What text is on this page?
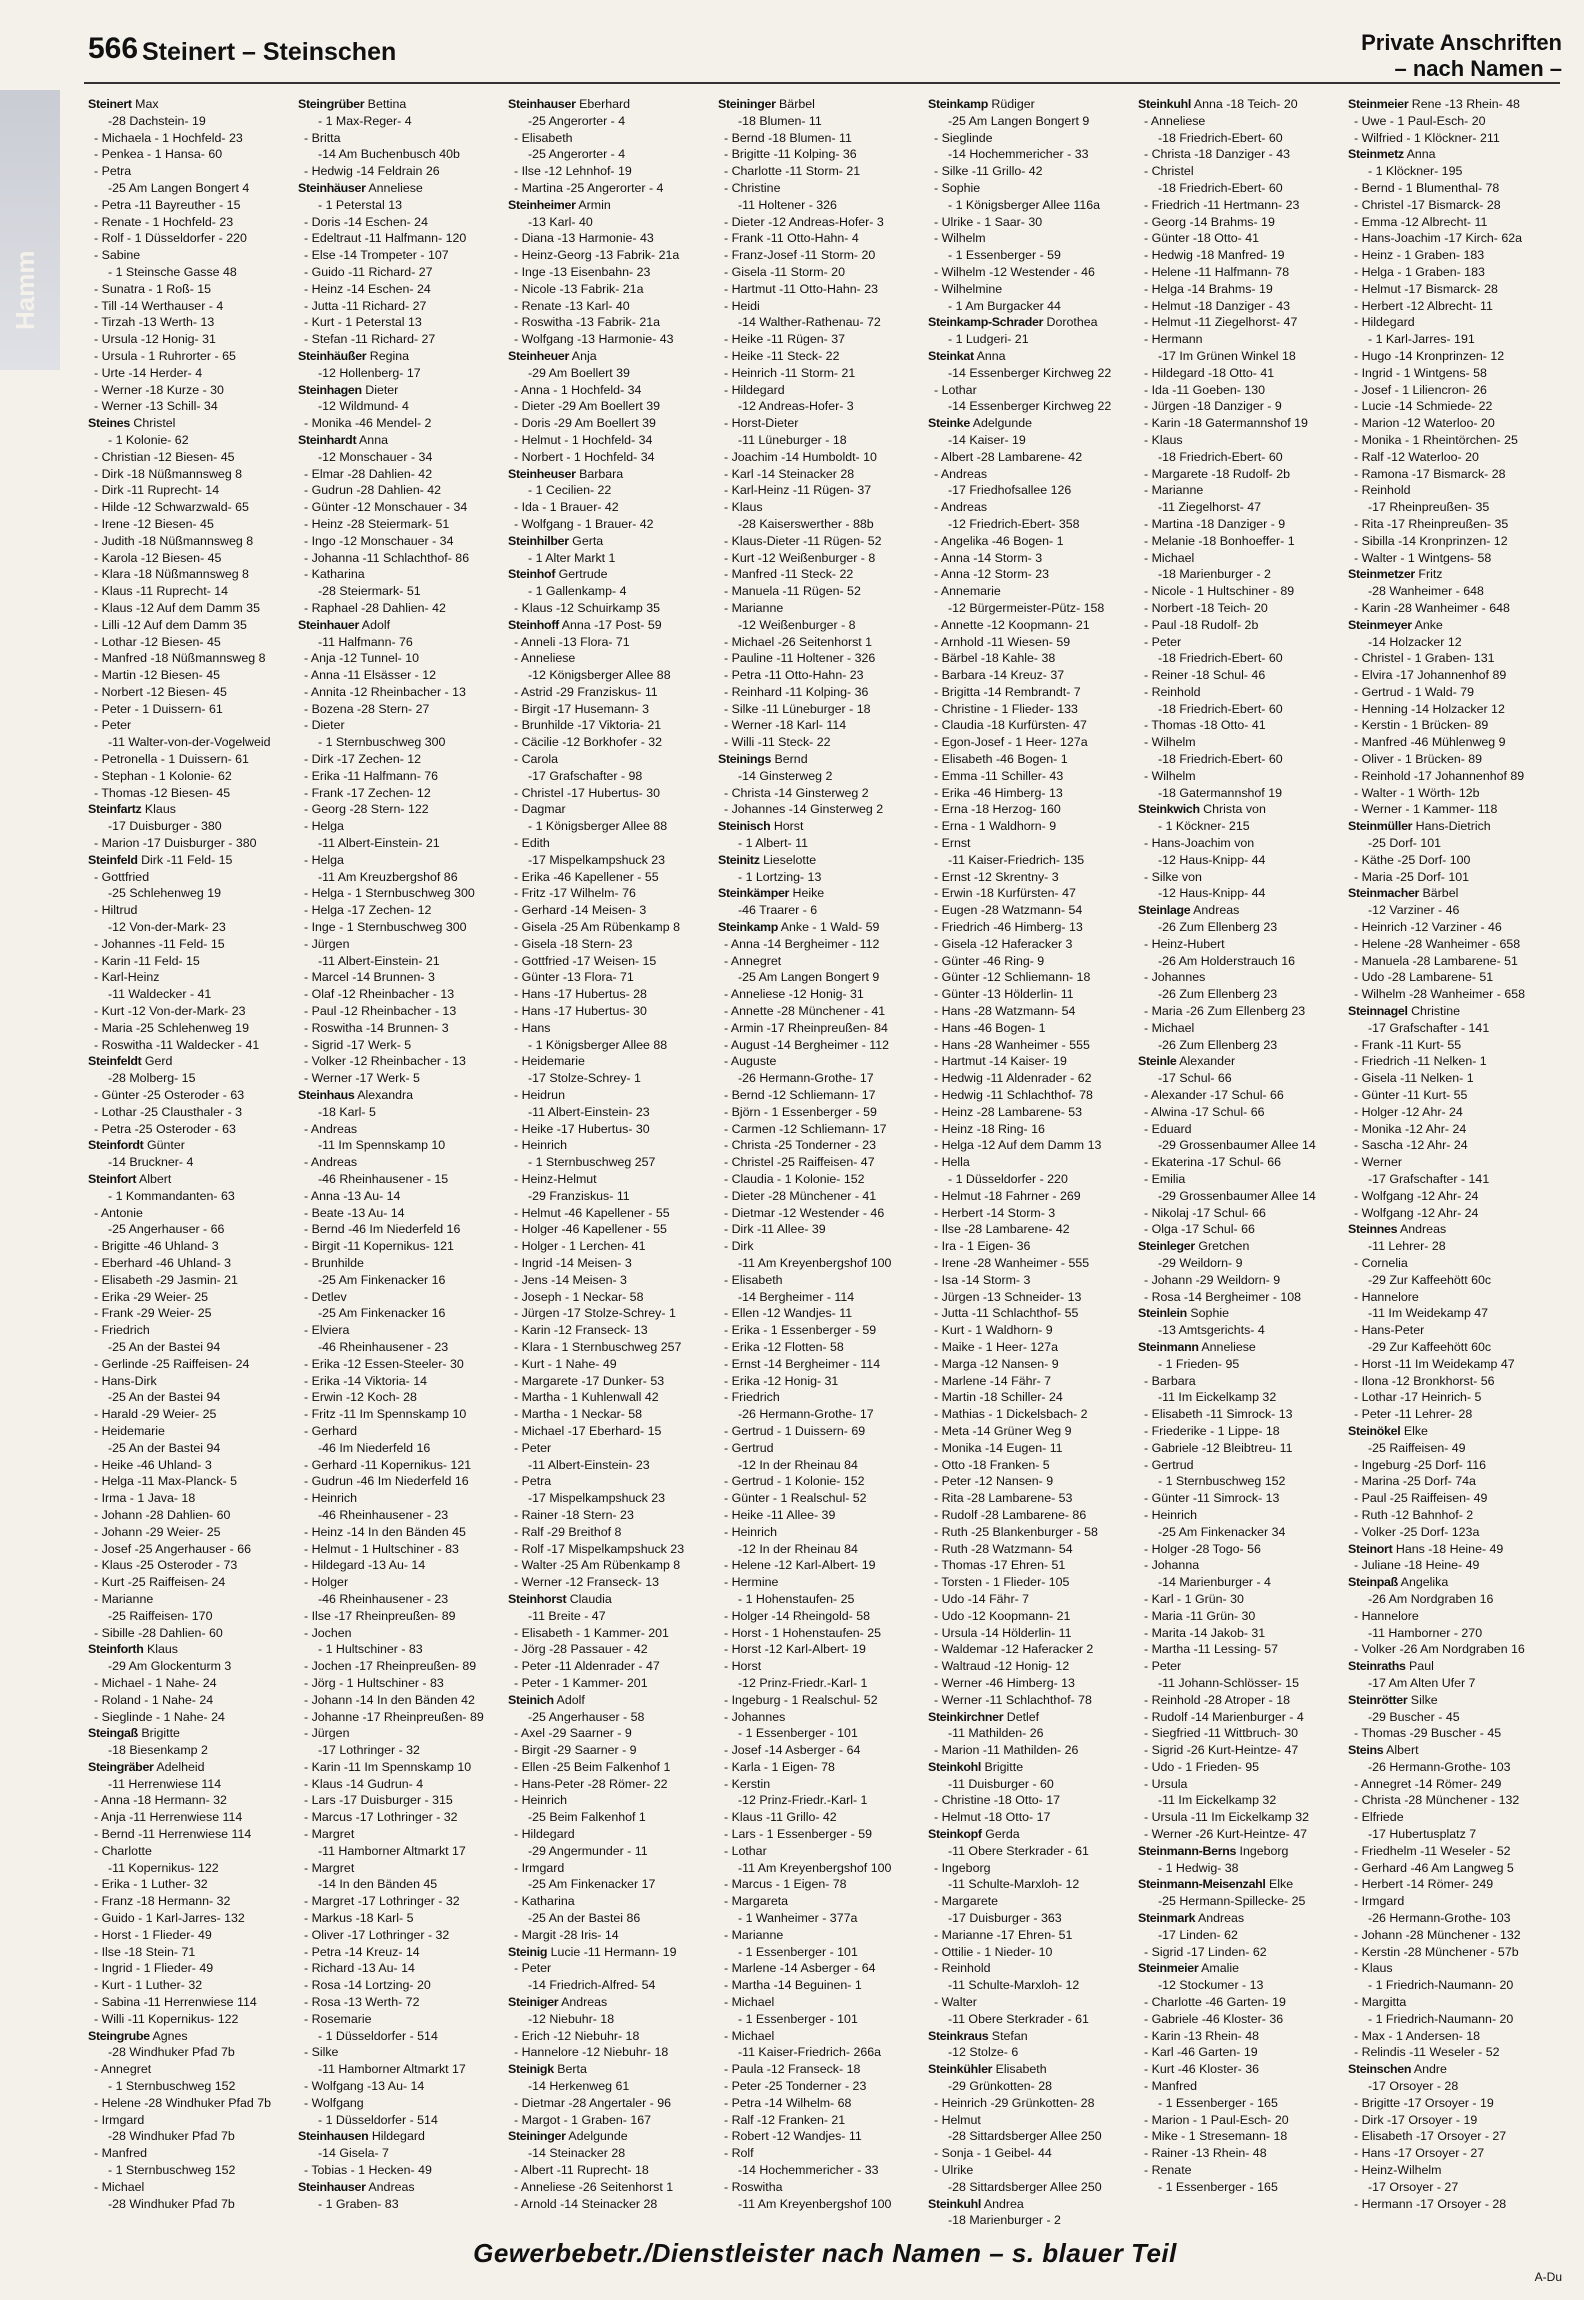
566 Steinert – Steinschen	Private Anschriften
– nach Namen –
Hamm
Steinert Max
-28 Dachstein- 19
- Michaela - 1 Hochfeld- 23
- Penkea - 1 Hansa- 60
- Petra
-25 Am Langen Bongert 4
- Petra -11 Bayreuther - 15
- Renate - 1 Hochfeld- 23
- Rolf - 1 Düsseldorfer - 220
- Sabine
- 1 Steinsche Gasse 48
- Sunatra - 1 Roß- 15
- Till -14 Werthauser - 4
- Tirzah -13 Werth- 13
- Ursula -12 Honig- 31
- Ursula - 1 Ruhrorter - 65
- Urte -14 Herder- 4
- Werner -18 Kurze - 30
- Werner -13 Schill- 34
Steines Christel
- 1 Kolonie- 62
- Christian -12 Biesen- 45
- Dirk -18 Nüßmannsweg 8
- Dirk -11 Ruprecht- 14
- Hilde -12 Schwarzwald- 65
- Irene -12 Biesen- 45
- Judith -18 Nüßmannsweg 8
- Karola -12 Biesen- 45
- Klara -18 Nüßmannsweg 8
- Klaus -11 Ruprecht- 14
- Klaus -12 Auf dem Damm 35
- Lilli -12 Auf dem Damm 35
- Lothar -12 Biesen- 45
- Manfred -18 Nüßmannsweg 8
- Martin -12 Biesen- 45
- Norbert -12 Biesen- 45
- Peter - 1 Duissern- 61
- Peter
-11 Walter-von-der-Vogelweid
- Petronella - 1 Duissern- 61
- Stephan - 1 Kolonie- 62
- Thomas -12 Biesen- 45
Steinfartz Klaus
-17 Duisburger - 380
- Marion -17 Duisburger - 380
Steinfeld Dirk -11 Feld- 15
- Gottfried
-25 Schlehenweg 19
- Hiltrud
-12 Von-der-Mark- 23
- Johannes -11 Feld- 15
- Karin -11 Feld- 15
- Karl-Heinz
-11 Waldecker - 41
- Kurt -12 Von-der-Mark- 23
- Maria -25 Schlehenweg 19
- Roswitha -11 Waldecker - 41
Steinfeldt Gerd
-28 Molberg- 15
- Günter -25 Osteroder - 63
- Lothar -25 Clausthaler - 3
- Petra -25 Osteroder - 63
Steinfordt Günter
-14 Bruckner- 4
Steinfort Albert
- 1 Kommandanten- 63
- Antonie
-25 Angerhauser - 66
- Brigitte -46 Uhland- 3
- Eberhard -46 Uhland- 3
- Elisabeth -29 Jasmin- 21
- Erika -29 Weier- 25
- Frank -29 Weier- 25
- Friedrich
-25 An der Bastei 94
- Gerlinde -25 Raiffeisen- 24
- Hans-Dirk
-25 An der Bastei 94
- Harald -29 Weier- 25
- Heidemarie
-25 An der Bastei 94
- Heike -46 Uhland- 3
- Helga -11 Max-Planck- 5
- Irma - 1 Java- 18
- Johann -28 Dahlien- 60
- Johann -29 Weier- 25
- Josef -25 Angerhauser - 66
- Klaus -25 Osteroder - 73
- Kurt -25 Raiffeisen- 24
- Marianne
-25 Raiffeisen- 170
- Sibille -28 Dahlien- 60
Steinforth Klaus
-29 Am Glockenturm 3
- Michael - 1 Nahe- 24
- Roland - 1 Nahe- 24
- Sieglinde - 1 Nahe- 24
Steingaß Brigitte
-18 Biesenkamp 2
Steingräber Adelheid
-11 Herrenwiese 114
- Anna -18 Hermann- 32
- Anja -11 Herrenwiese 114
- Bernd -11 Herrenwiese 114
- Charlotte
-11 Kopernikus- 122
- Erika - 1 Luther- 32
- Franz -18 Hermann- 32
- Guido - 1 Karl-Jarres- 132
- Horst - 1 Flieder- 49
- Ilse -18 Stein- 71
- Ingrid - 1 Flieder- 49
- Kurt - 1 Luther- 32
- Sabina -11 Herrenwiese 114
- Willi -11 Kopernikus- 122
Steingrube Agnes
-28 Windhuker Pfad 7b
- Annegret
- 1 Sternbuschweg 152
- Helene -28 Windhuker Pfad 7b
- Irmgard
-28 Windhuker Pfad 7b
- Manfred
- 1 Sternbuschweg 152
- Michael
-28 Windhuker Pfad 7b
Steingrüber Bettina
- 1 Max-Reger- 4
- Britta
-14 Am Buchenbusch 40b
- Hedwig -14 Feldrain 26
Steinhäuser Anneliese
- 1 Peterstal 13
- Doris -14 Eschen- 24
- Edeltraut -11 Halfmann- 120
- Else -14 Trompeter - 107
- Guido -11 Richard- 27
- Heinz -14 Eschen- 24
- Jutta -11 Richard- 27
- Kurt - 1 Peterstal 13
- Stefan -11 Richard- 27
Steinhäußer Regina
-12 Hollenberg- 17
Steinhagen Dieter
-12 Wildmund- 4
- Monika -46 Mendel- 2
Steinhardt Anna
-12 Monschauer - 34
- Elmar -28 Dahlien- 42
- Gudrun -28 Dahlien- 42
- Günter -12 Monschauer - 34
- Heinz -28 Steiermark- 51
- Ingo -12 Monschauer - 34
- Johanna -11 Schlachthof- 86
- Katharina
-28 Steiermark- 51
- Raphael -28 Dahlien- 42
Steinhauer Adolf
-11 Halfmann- 76
- Anja -12 Tunnel- 10
- Anna -11 Elsässer - 12
- Annita -12 Rheinbacher - 13
- Bozena -28 Stern- 27
- Dieter
- 1 Sternbuschweg 300
- Dirk -17 Zechen- 12
- Erika -11 Halfmann- 76
- Frank -17 Zechen- 12
- Georg -28 Stern- 122
- Helga
-11 Albert-Einstein- 21
- Helga
-11 Am Kreuzbergshof 86
- Helga - 1 Sternbuschweg 300
- Helga -17 Zechen- 12
- Inge - 1 Sternbuschweg 300
- Jürgen
-11 Albert-Einstein- 21
- Marcel -14 Brunnen- 3
- Olaf -12 Rheinbacher - 13
- Paul -12 Rheinbacher - 13
- Roswitha -14 Brunnen- 3
- Sigrid -17 Werk- 5
- Volker -12 Rheinbacher - 13
- Werner -17 Werk- 5
Steinhaus Alexandra
-18 Karl- 5
- Andreas
-11 Im Spennskamp 10
- Andreas
-46 Rheinhausener - 15
- Anna -13 Au- 14
- Beate -13 Au- 14
- Bernd -46 Im Niederfeld 16
- Birgit -11 Kopernikus- 121
- Brunhilde
-25 Am Finkenacker 16
- Detlev
-25 Am Finkenacker 16
- Elviera
-46 Rheinhausener - 23
- Erika -12 Essen-Steeler- 30
- Erika -14 Viktoria- 14
- Erwin -12 Koch- 28
- Fritz -11 Im Spennskamp 10
- Gerhard
-46 Im Niederfeld 16
- Gerhard -11 Kopernikus- 121
- Gudrun -46 Im Niederfeld 16
- Heinrich
-46 Rheinhausener - 23
- Heinz -14 In den Bänden 45
- Helmut - 1 Hultschiner - 83
- Hildegard -13 Au- 14
- Holger
-46 Rheinhausener - 23
- Ilse -17 Rheinpreußen- 89
- Jochen
- 1 Hultschiner - 83
- Jochen -17 Rheinpreußen- 89
- Jörg - 1 Hultschiner - 83
- Johann -14 In den Bänden 42
- Johanne -17 Rheinpreußen- 89
- Jürgen
-17 Lothringer - 32
- Karin -11 Im Spennskamp 10
- Klaus -14 Gudrun- 4
- Lars -17 Duisburger - 315
- Marcus -17 Lothringer - 32
- Margret
-11 Hamborner Altmarkt 17
- Margret
-14 In den Bänden 45
- Margret -17 Lothringer - 32
- Markus -18 Karl- 5
- Oliver -17 Lothringer - 32
- Petra -14 Kreuz- 14
- Richard -13 Au- 14
- Rosa -14 Lortzing- 20
- Rosa -13 Werth- 72
- Rosemarie
- 1 Düsseldorfer - 514
- Silke
-11 Hamborner Altmarkt 17
- Wolfgang -13 Au- 14
- Wolfgang
- 1 Düsseldorfer - 514
Steinhausen Hildegard
-14 Gisela- 7
- Tobias - 1 Hecken- 49
Steinhauser Andreas
- 1 Graben- 83
Steinhauser Eberhard
-25 Angerorter - 4
- Elisabeth
-25 Angerorter - 4
- Ilse -12 Lehnhof- 19
- Martina -25 Angerorter - 4
Steinheimer Armin
-13 Karl- 40
- Diana -13 Harmonie- 43
- Heinz-Georg -13 Fabrik- 21a
- Inge -13 Eisenbahn- 23
- Nicole -13 Fabrik- 21a
- Renate -13 Karl- 40
- Roswitha -13 Fabrik- 21a
- Wolfgang -13 Harmonie- 43
Steinheuer Anja
-29 Am Boellert 39
- Anna - 1 Hochfeld- 34
- Dieter -29 Am Boellert 39
- Doris -29 Am Boellert 39
- Helmut - 1 Hochfeld- 34
- Norbert - 1 Hochfeld- 34
Steinheuser Barbara
- 1 Cecilien- 22
- Ida - 1 Brauer- 42
- Wolfgang - 1 Brauer- 42
Steinhilber Gerta
- 1 Alter Markt 1
Steinhof Gertrude
- 1 Gallenkamp- 4
- Klaus -12 Schuirkamp 35
Steinhoff Anna -17 Post- 59
- Anneli -13 Flora- 71
- Anneliese
-12 Königsberger Allee 88
- Astrid -29 Franziskus- 11
- Birgit -17 Husemann- 3
- Brunhilde -17 Viktoria- 21
- Cäcilie -12 Borkhofer - 32
- Carola
-17 Grafschafter - 98
- Christel -17 Hubertus- 30
- Dagmar
- 1 Königsberger Allee 88
- Edith
-17 Mispelkampshuck 23
- Erika -46 Kapellener - 55
- Fritz -17 Wilhelm- 76
- Gerhard -14 Meisen- 3
- Gisela -25 Am Rübenkamp 8
- Gisela -18 Stern- 23
- Gottfried -17 Weisen- 15
- Günter -13 Flora- 71
- Hans -17 Hubertus- 28
- Hans -17 Hubertus- 30
- Hans
- 1 Königsberger Allee 88
- Heidemarie
-17 Stolze-Schrey- 1
- Heidrun
-11 Albert-Einstein- 23
- Heike -17 Hubertus- 30
- Heinrich
- 1 Sternbuschweg 257
- Heinz-Helmut
-29 Franziskus- 11
- Helmut -46 Kapellener - 55
- Holger -46 Kapellener - 55
- Holger - 1 Lerchen- 41
- Ingrid -14 Meisen- 3
- Jens -14 Meisen- 3
- Joseph - 1 Neckar- 58
- Jürgen -17 Stolze-Schrey- 1
- Karin -12 Franseck- 13
- Klara - 1 Sternbuschweg 257
- Kurt - 1 Nahe- 49
- Margarete -17 Dunker- 53
- Martha - 1 Kuhlenwall 42
- Martha - 1 Neckar- 58
- Michael -17 Eberhard- 15
- Peter
-11 Albert-Einstein- 23
- Petra
-17 Mispelkampshuck 23
- Rainer -18 Stern- 23
- Ralf -29 Breithof 8
- Rolf -17 Mispelkampshuck 23
- Walter -25 Am Rübenkamp 8
- Werner -12 Franseck- 13
Steinhorst Claudia
-11 Breite - 47
- Elisabeth - 1 Kammer- 201
- Jörg -28 Passauer - 42
- Peter -11 Aldenrader - 47
- Peter - 1 Kammer- 201
Steinich Adolf
-25 Angerhauser - 58
- Axel -29 Saarner - 9
- Birgit -29 Saarner - 9
- Ellen -25 Beim Falkenhof 1
- Hans-Peter -28 Römer- 22
- Heinrich
-25 Beim Falkenhof 1
- Hildegard
-29 Angermunder - 11
- Irmgard
-25 Am Finkenacker 17
- Katharina
-25 An der Bastei 86
- Margit -28 Iris- 14
Steinig Lucie -11 Hermann- 19
- Peter
-14 Friedrich-Alfred- 54
Steiniger Andreas
-12 Niebuhr- 18
- Erich -12 Niebuhr- 18
- Hannelore -12 Niebuhr- 18
Steinigk Berta
-14 Herkenweg 61
- Dietmar -28 Angertaler - 96
- Margot - 1 Graben- 167
Steininger Adelgunde
-14 Steinacker 28
- Albert -11 Ruprecht- 18
- Anneliese -26 Seitenhorst 1
- Arnold -14 Steinacker 28
Steininger Bärbel
-18 Blumen- 11
- Bernd -18 Blumen- 11
- Brigitte -11 Kolping- 36
- Charlotte -11 Storm- 21
- Christine
-11 Holtener - 326
- Dieter -12 Andreas-Hofer- 3
- Frank -11 Otto-Hahn- 4
- Franz-Josef -11 Storm- 20
- Gisela -11 Storm- 20
- Hartmut -11 Otto-Hahn- 23
- Heidi
-14 Walther-Rathenau- 72
- Heike -11 Rügen- 37
- Heike -11 Steck- 22
- Heinrich -11 Storm- 21
- Hildegard
-12 Andreas-Hofer- 3
- Horst-Dieter
-11 Lüneburger - 18
- Joachim -14 Humboldt- 10
- Karl -14 Steinacker 28
- Karl-Heinz -11 Rügen- 37
- Klaus
-28 Kaiserswerther - 88b
- Klaus-Dieter -11 Rügen- 52
- Kurt -12 Weißenburger - 8
- Manfred -11 Steck- 22
- Manuela -11 Rügen- 52
- Marianne
-12 Weißenburger - 8
- Michael -26 Seitenhorst 1
- Pauline -11 Holtener - 326
- Petra -11 Otto-Hahn- 23
- Reinhard -11 Kolping- 36
- Silke -11 Lüneburger - 18
- Werner -18 Karl- 114
- Willi -11 Steck- 22
Steinings Bernd
-14 Ginsterweg 2
- Christa -14 Ginsterweg 2
- Johannes -14 Ginsterweg 2
Steinisch Horst
- 1 Albert- 11
Steinitz Lieselotte
- 1 Lortzing- 13
Steinkämper Heike
-46 Traarer - 6
Steinkamp Anke - 1 Wald- 59
- Anna -14 Bergheimer - 112
- Annegret
-25 Am Langen Bongert 9
- Anneliese -12 Honig- 31
- Annette -28 Münchener - 41
- Armin -17 Rheinpreußen- 84
- August -14 Bergheimer - 112
- Auguste
-26 Hermann-Grothe- 17
- Bernd -12 Schliemann- 17
- Björn - 1 Essenberger - 59
- Carmen -12 Schliemann- 17
- Christa -25 Tonderner - 23
- Christel -25 Raiffeisen- 47
- Claudia - 1 Kolonie- 152
- Dieter -28 Münchener - 41
- Dietmar -12 Westender - 46
- Dirk -11 Allee- 39
- Dirk
-11 Am Kreyenbergshof 100
- Elisabeth
-14 Bergheimer - 114
- Ellen -12 Wandjes- 11
- Erika - 1 Essenberger - 59
- Erika -12 Flotten- 58
- Ernst -14 Bergheimer - 114
- Erika -12 Honig- 31
- Friedrich
-26 Hermann-Grothe- 17
- Gertrud - 1 Duissern- 69
- Gertrud
-12 In der Rheinau 84
- Gertrud - 1 Kolonie- 152
- Günter - 1 Realschul- 52
- Heike -11 Allee- 39
- Heinrich
-12 In der Rheinau 84
- Helene -12 Karl-Albert- 19
- Hermine
- 1 Hohenstaufen- 25
- Holger -14 Rheingold- 58
- Horst - 1 Hohenstaufen- 25
- Horst -12 Karl-Albert- 19
- Horst
-12 Prinz-Friedr.-Karl- 1
- Ingeburg - 1 Realschul- 52
- Johannes
- 1 Essenberger - 101
- Josef -14 Asberger - 64
- Karla - 1 Eigen- 78
- Kerstin
-12 Prinz-Friedr.-Karl- 1
- Klaus -11 Grillo- 42
- Lars - 1 Essenberger - 59
- Lothar
-11 Am Kreyenbergshof 100
- Marcus - 1 Eigen- 78
- Margareta
- 1 Wanheimer - 377a
- Marianne
- 1 Essenberger - 101
- Marlene -14 Asberger - 64
- Martha -14 Beguinen- 1
- Michael
- 1 Essenberger - 101
- Michael
-11 Kaiser-Friedrich- 266a
- Paula -12 Franseck- 18
- Peter -25 Tonderner - 23
- Petra -14 Wilhelm- 68
- Ralf -12 Franken- 21
- Robert -12 Wandjes- 11
- Rolf
-14 Hochemmericher - 33
- Roswitha
-11 Am Kreyenbergshof 100
Steinkamp Rüdiger
-25 Am Langen Bongert 9
- Sieglinde
-14 Hochemmericher - 33
- Silke -11 Grillo- 42
- Sophie
- 1 Königsberger Allee 116a
- Ulrike - 1 Saar- 30
- Wilhelm
- 1 Essenberger - 59
- Wilhelm -12 Westender - 46
- Wilhelmine
- 1 Am Burgacker 44
Steinkamp-Schrader Dorothea
- 1 Ludgeri- 21
Steinkat Anna
-14 Essenberger Kirchweg 22
- Lothar
-14 Essenberger Kirchweg 22
Steinke Adelgunde
-14 Kaiser- 19
- Albert -28 Lambarene- 42
- Andreas
-17 Friedhofsallee 126
- Andreas
-12 Friedrich-Ebert- 358
- Angelika -46 Bogen- 1
- Anna -14 Storm- 3
- Anna -12 Storm- 23
- Annemarie
-12 Bürgermeister-Pütz- 158
- Annette -12 Koopmann- 21
- Arnhold -11 Wiesen- 59
- Bärbel -18 Kahle- 38
- Barbara -14 Kreuz- 37
- Brigitta -14 Rembrandt- 7
- Christine - 1 Flieder- 133
- Claudia -18 Kurfürsten- 47
- Egon-Josef - 1 Heer- 127a
- Elisabeth -46 Bogen- 1
- Emma -11 Schiller- 43
- Erika -46 Himberg- 13
- Erna -18 Herzog- 160
- Erna - 1 Waldhorn- 9
- Ernst
-11 Kaiser-Friedrich- 135
- Ernst -12 Skrentny- 3
- Erwin -18 Kurfürsten- 47
- Eugen -28 Watzmann- 54
- Friedrich -46 Himberg- 13
- Gisela -12 Haferacker 3
- Günter -46 Ring- 9
- Günter -12 Schliemann- 18
- Günter -13 Hölderlin- 11
- Hans -28 Watzmann- 54
- Hans -46 Bogen- 1
- Hans -28 Wanheimer - 555
- Hartmut -14 Kaiser- 19
- Hedwig -11 Aldenrader - 62
- Hedwig -11 Schlachthof- 78
- Heinz -28 Lambarene- 53
- Heinz -18 Ring- 16
- Helga -12 Auf dem Damm 13
- Hella
- 1 Düsseldorfer - 220
- Helmut -18 Fahrner - 269
- Herbert -14 Storm- 3
- Ilse -28 Lambarene- 42
- Ira - 1 Eigen- 36
- Irene -28 Wanheimer - 555
- Isa -14 Storm- 3
- Jürgen -13 Schneider- 13
- Jutta -11 Schlachthof- 55
- Kurt - 1 Waldhorn- 9
- Maike - 1 Heer- 127a
- Marga -12 Nansen- 9
- Marlene -14 Fähr- 7
- Martin -18 Schiller- 24
- Mathias - 1 Dickelsbach- 2
- Meta -14 Grüner Weg 9
- Monika -14 Eugen- 11
- Otto -18 Franken- 5
- Peter -12 Nansen- 9
- Rita -28 Lambarene- 53
- Rudolf -28 Lambarene- 86
- Ruth -25 Blankenburger - 58
- Ruth -28 Watzmann- 54
- Thomas -17 Ehren- 51
- Torsten - 1 Flieder- 105
- Udo -14 Fähr- 7
- Udo -12 Koopmann- 21
- Ursula -14 Hölderlin- 11
- Waldemar -12 Haferacker 2
- Waltraud -12 Honig- 12
- Werner -46 Himberg- 13
- Werner -11 Schlachthof- 78
Steinkirchner Detlef
-11 Mathilden- 26
- Marion -11 Mathilden- 26
Steinkohl Brigitte
-11 Duisburger - 60
- Christine -18 Otto- 17
- Helmut -18 Otto- 17
Steinkopf Gerda
-11 Obere Sterkrader - 61
- Ingeborg
-11 Schulte-Marxloh- 12
- Margarete
-17 Duisburger - 363
- Marianne -17 Ehren- 51
- Ottilie - 1 Nieder- 10
- Reinhold
-11 Schulte-Marxloh- 12
- Walter
-11 Obere Sterkrader - 61
Steinkraus Stefan
-12 Stolze- 6
Steinkühler Elisabeth
-29 Grünkotten- 28
- Heinrich -29 Grünkotten- 28
- Helmut
-28 Sittardsberger Allee 250
- Sonja - 1 Geibel- 44
- Ulrike
-28 Sittardsberger Allee 250
Steinkuhl Andrea
-18 Marienburger - 2
Steinkuhl Anna -18 Teich- 20
- Anneliese
-18 Friedrich-Ebert- 60
- Christa -18 Danziger - 43
- Christel
-18 Friedrich-Ebert- 60
- Friedrich -11 Hertmann- 23
- Georg -14 Brahms- 19
- Günter -18 Otto- 41
- Hedwig -18 Manfred- 19
- Helene -11 Halfmann- 78
- Helga -14 Brahms- 19
- Helmut -18 Danziger - 43
- Helmut -11 Ziegelhorst- 47
- Hermann
-17 Im Grünen Winkel 18
- Hildegard -18 Otto- 41
- Ida -11 Goeben- 130
- Jürgen -18 Danziger - 9
- Karin -18 Gatermannshof 19
- Klaus
-18 Friedrich-Ebert- 60
- Margarete -18 Rudolf- 2b
- Marianne
-11 Ziegelhorst- 47
- Martina -18 Danziger - 9
- Melanie -18 Bonhoeffer- 1
- Michael
-18 Marienburger - 2
- Nicole - 1 Hultschiner - 89
- Norbert -18 Teich- 20
- Paul -18 Rudolf- 2b
- Peter
-18 Friedrich-Ebert- 60
- Reiner -18 Schul- 46
- Reinhold
-18 Friedrich-Ebert- 60
- Thomas -18 Otto- 41
- Wilhelm
-18 Friedrich-Ebert- 60
- Wilhelm
-18 Gatermannshof 19
Steinkwich Christa von
- 1 Köckner- 215
- Hans-Joachim von
-12 Haus-Knipp- 44
- Silke von
-12 Haus-Knipp- 44
Steinlage Andreas
-26 Zum Ellenberg 23
- Heinz-Hubert
-26 Am Holderstrauch 16
- Johannes
-26 Zum Ellenberg 23
- Maria -26 Zum Ellenberg 23
- Michael
-26 Zum Ellenberg 23
Steinle Alexander
-17 Schul- 66
- Alexander -17 Schul- 66
- Alwina -17 Schul- 66
- Eduard
-29 Grossenbaumer Allee 14
- Ekaterina -17 Schul- 66
- Emilia
-29 Grossenbaumer Allee 14
- Nikolaj -17 Schul- 66
- Olga -17 Schul- 66
Steinleger Gretchen
-29 Weildorn- 9
- Johann -29 Weildorn- 9
- Rosa -14 Bergheimer - 108
Steinlein Sophie
-13 Amtsgerichts- 4
Steinmann Anneliese
- 1 Frieden- 95
- Barbara
-11 Im Eickelkamp 32
- Elisabeth -11 Simrock- 13
- Friederike - 1 Lippe- 18
- Gabriele -12 Bleibtreu- 11
- Gertrud
- 1 Sternbuschweg 152
- Günter -11 Simrock- 13
- Heinrich
-25 Am Finkenacker 34
- Holger -28 Togo- 56
- Johanna
-14 Marienburger - 4
- Karl - 1 Grün- 30
- Maria -11 Grün- 30
- Marita -14 Jakob- 31
- Martha -11 Lessing- 57
- Peter
-11 Johann-Schlösser- 15
- Reinhold -28 Atroper - 18
- Rudolf -14 Marienburger - 4
- Siegfried -11 Wittbruch- 30
- Sigrid -26 Kurt-Heintze- 47
- Udo - 1 Frieden- 95
- Ursula
-11 Im Eickelkamp 32
- Ursula -11 Im Eickelkamp 32
- Werner -26 Kurt-Heintze- 47
Steinmann-Berns Ingeborg
- 1 Hedwig- 38
Steinmann-Meisenzahl Elke
-25 Hermann-Spillecke- 25
Steinmark Andreas
-17 Linden- 62
- Sigrid -17 Linden- 62
Steinmeier Amalie
-12 Stockumer - 13
- Charlotte -46 Garten- 19
- Gabriele -46 Kloster- 36
- Karin -13 Rhein- 48
- Karl -46 Garten- 19
- Kurt -46 Kloster- 36
- Manfred
- 1 Essenberger - 165
- Marion - 1 Paul-Esch- 20
- Mike - 1 Stresemann- 18
- Rainer -13 Rhein- 48
- Renate
- 1 Essenberger - 165
Steinmeier Rene -13 Rhein- 48
- Uwe - 1 Paul-Esch- 20
- Wilfried - 1 Klöckner- 211
Steinmetz Anna
- 1 Klöckner- 195
- Bernd - 1 Blumenthal- 78
- Christel -17 Bismarck- 28
- Emma -12 Albrecht- 11
- Hans-Joachim -17 Kirch- 62a
- Heinz - 1 Graben- 183
- Helga - 1 Graben- 183
- Helmut -17 Bismarck- 28
- Herbert -12 Albrecht- 11
- Hildegard
- 1 Karl-Jarres- 191
- Hugo -14 Kronprinzen- 12
- Ingrid - 1 Wintgens- 58
- Josef - 1 Liliencron- 26
- Lucie -14 Schmiede- 22
- Marion -12 Waterloo- 20
- Monika - 1 Rheintörchen- 25
- Ralf -12 Waterloo- 20
- Ramona -17 Bismarck- 28
- Reinhold
-17 Rheinpreußen- 35
- Rita -17 Rheinpreußen- 35
- Sibilla -14 Kronprinzen- 12
- Walter - 1 Wintgens- 58
Steinmetzer Fritz
-28 Wanheimer - 648
- Karin -28 Wanheimer - 648
Steinmeyer Anke
-14 Holzacker 12
- Christel - 1 Graben- 131
- Elvira -17 Johannenhof 89
- Gertrud - 1 Wald- 79
- Henning -14 Holzacker 12
- Kerstin - 1 Brücken- 89
- Manfred -46 Mühlenweg 9
- Oliver - 1 Brücken- 89
- Reinhold -17 Johannenhof 89
- Walter - 1 Wörth- 12b
- Werner - 1 Kammer- 118
Steinmüller Hans-Dietrich
-25 Dorf- 101
- Käthe -25 Dorf- 100
- Maria -25 Dorf- 101
Steinmacher Bärbel
-12 Varziner - 46
- Heinrich -12 Varziner - 46
- Helene -28 Wanheimer - 658
- Manuela -28 Lambarene- 51
- Udo -28 Lambarene- 51
- Wilhelm -28 Wanheimer - 658
Steinnagel Christine
-17 Grafschafter - 141
- Frank -11 Kurt- 55
- Friedrich -11 Nelken- 1
- Gisela -11 Nelken- 1
- Günter -11 Kurt- 55
- Holger -12 Ahr- 24
- Monika -12 Ahr- 24
- Sascha -12 Ahr- 24
- Werner
-17 Grafschafter - 141
- Wolfgang -12 Ahr- 24
- Wolfgang -12 Ahr- 24
Steinnes Andreas
-11 Lehrer- 28
- Cornelia
-29 Zur Kaffeehött 60c
- Hannelore
-11 Im Weidekamp 47
- Hans-Peter
-29 Zur Kaffeehött 60c
- Horst -11 Im Weidekamp 47
- Ilona -12 Bronkhorst- 56
- Lothar -17 Heinrich- 5
- Peter -11 Lehrer- 28
Steinökel Elke
-25 Raiffeisen- 49
- Ingeburg -25 Dorf- 116
- Marina -25 Dorf- 74a
- Paul -25 Raiffeisen- 49
- Ruth -12 Bahnhof- 2
- Volker -25 Dorf- 123a
Steinort Hans -18 Heine- 49
- Juliane -18 Heine- 49
Steinpaß Angelika
-26 Am Nordgraben 16
- Hannelore
-11 Hamborner - 270
- Volker -26 Am Nordgraben 16
Steinraths Paul
-17 Am Alten Ufer 7
Steinrötter Silke
-29 Buscher - 45
- Thomas -29 Buscher - 45
Steins Albert
-26 Hermann-Grothe- 103
- Annegret -14 Römer- 249
- Christa -28 Münchener - 132
- Elfriede
-17 Hubertusplatz 7
- Friedhelm -11 Weseler - 52
- Gerhard -46 Am Langweg 5
- Herbert -14 Römer- 249
- Irmgard
-26 Hermann-Grothe- 103
- Johann -28 Münchener - 132
- Kerstin -28 Münchener - 57b
- Klaus
- 1 Friedrich-Naumann- 20
- Margitta
- 1 Friedrich-Naumann- 20
- Max - 1 Andersen- 18
- Relindis -11 Weseler - 52
Steinschen Andre
-17 Orsoyer - 28
- Brigitte -17 Orsoyer - 19
- Dirk -17 Orsoyer - 19
- Elisabeth -17 Orsoyer - 27
- Hans -17 Orsoyer - 27
- Heinz-Wilhelm
-17 Orsoyer - 27
- Hermann -17 Orsoyer - 28
Gewerbebetr./Dienstleister nach Namen – s. blauer Teil
A-Du
